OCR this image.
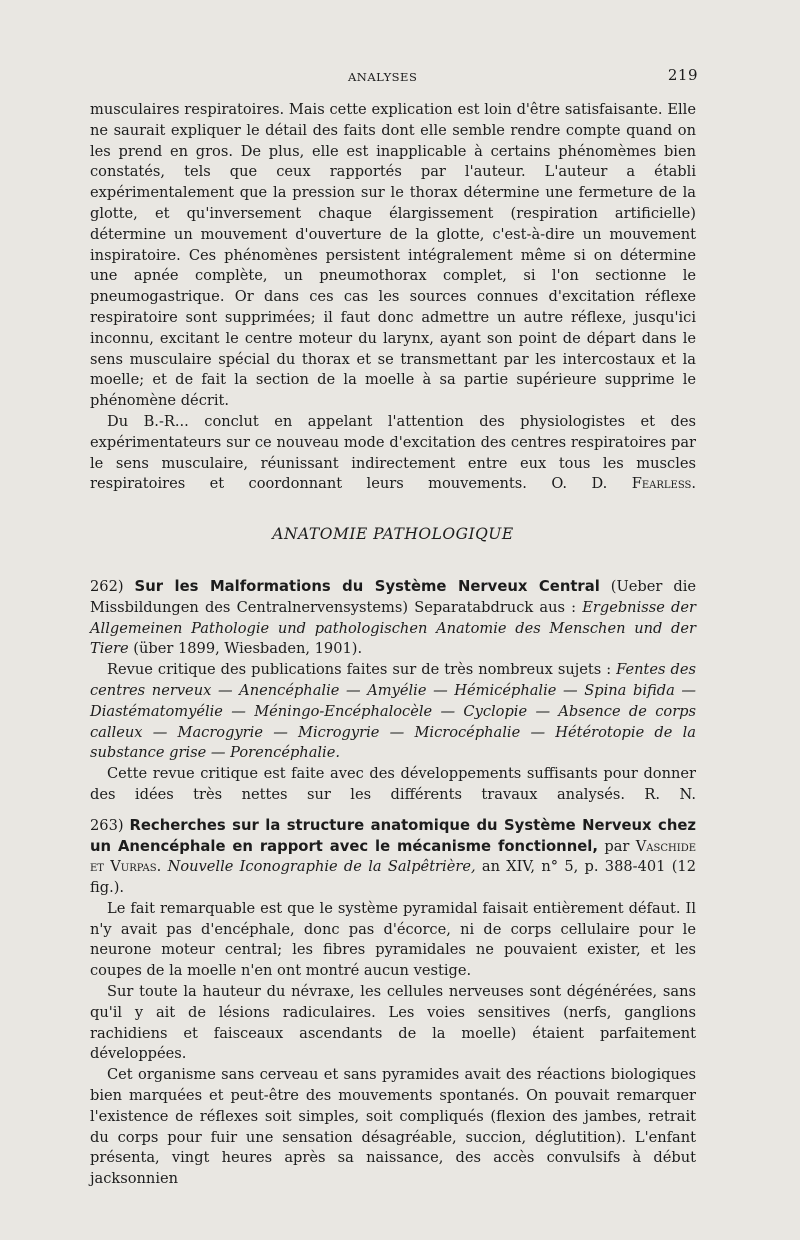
ANALYSES	219

musculaires respiratoires. Mais cette explication est loin d'être satisfaisante. Elle ne saurait expliquer le détail des faits dont elle semble rendre compte quand on les prend en gros. De plus, elle est inapplicable à certains phénomèmes bien constatés, tels que ceux rapportés par l'auteur. L'auteur a établi expérimentalement que la pression sur le thorax détermine une fermeture de la glotte, et qu'inversement chaque élargissement (respiration artificielle) détermine un mouvement d'ouverture de la glotte, c'est-à-dire un mouvement inspiratoire. Ces phénomènes persistent intégralement même si on détermine une apnée complète, un pneumothorax complet, si l'on sectionne le pneumogastrique. Or dans ces cas les sources connues d'excitation réflexe respiratoire sont supprimées; il faut donc admettre un autre réflexe, jusqu'ici inconnu, excitant le centre moteur du larynx, ayant son point de départ dans le sens musculaire spécial du thorax et se transmettant par les intercostaux et la moelle; et de fait la section de la moelle à sa partie supérieure supprime le phénomène décrit.

Du B.-R... conclut en appelant l'attention des physiologistes et des expérimentateurs sur ce nouveau mode d'excitation des centres respiratoires par le sens musculaire, réunissant indirectement entre eux tous les muscles respiratoires et coordonnant leurs mouvements. O. D. Fearless.

ANATOMIE PATHOLOGIQUE

262) Sur les Malformations du Système Nerveux Central (Ueber die Missbildungen des Centralnervensystems) Separatabdruck aus : Ergebnisse der Allgemeinen Pathologie und pathologischen Anatomie des Menschen und der Tiere (über 1899, Wiesbaden, 1901).

Revue critique des publications faites sur de très nombreux sujets : Fentes des centres nerveux — Anencéphalie — Amyélie — Hémicéphalie — Spina bifida — Diastématomyélie — Méningo-Encéphalocèle — Cyclopie — Absence de corps calleux — Macrogyrie — Microgyrie — Microcéphalie — Hétérotopie de la substance grise — Porencéphalie.

Cette revue critique est faite avec des développements suffisants pour donner des idées très nettes sur les différents travaux analysés. R. N.

263) Recherches sur la structure anatomique du Système Nerveux chez un Anencéphale en rapport avec le mécanisme fonctionnel, par Vaschide et Vurpas. Nouvelle Iconographie de la Salpêtrière, an XIV, n° 5, p. 388-401 (12 fig.).

Le fait remarquable est que le système pyramidal faisait entièrement défaut. Il n'y avait pas d'encéphale, donc pas d'écorce, ni de corps cellulaire pour le neurone moteur central; les fibres pyramidales ne pouvaient exister, et les coupes de la moelle n'en ont montré aucun vestige.

Sur toute la hauteur du névraxe, les cellules nerveuses sont dégénérées, sans qu'il y ait de lésions radiculaires. Les voies sensitives (nerfs, ganglions rachidiens et faisceaux ascendants de la moelle) étaient parfaitement développées.

Cet organisme sans cerveau et sans pyramides avait des réactions biologiques bien marquées et peut-être des mouvements spontanés. On pouvait remarquer l'existence de réflexes soit simples, soit compliqués (flexion des jambes, retrait du corps pour fuir une sensation désagréable, succion, déglutition). L'enfant présenta, vingt heures après sa naissance, des accès convulsifs à début jacksonnien
